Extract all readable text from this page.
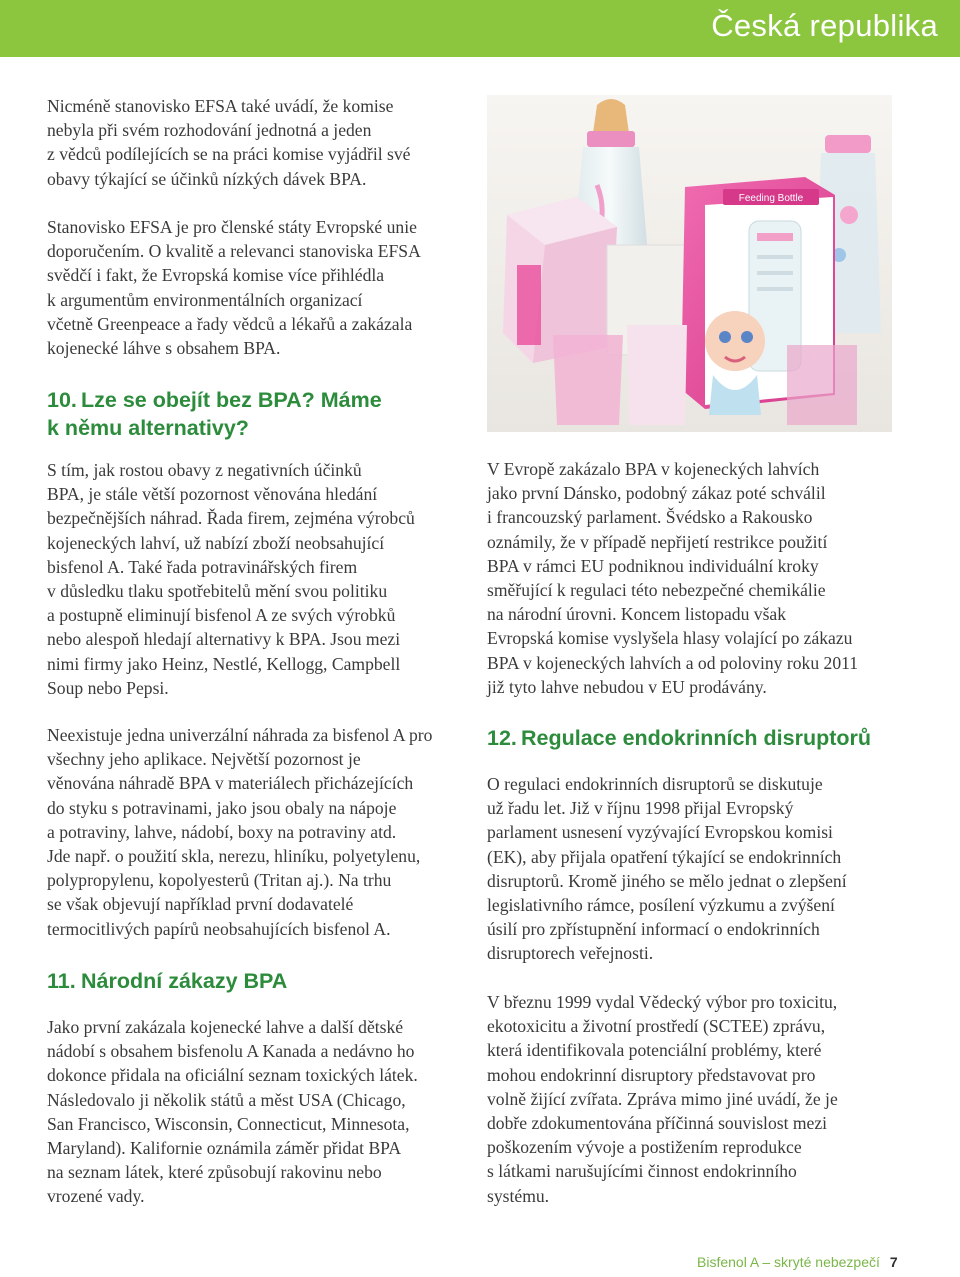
Česká republika

Nicméně stanovisko EFSA také uvádí, že komise
nebyla při svém rozhodování jednotná a jeden
z vědců podílejících se na práci komise vyjádřil své
obavy týkající se účinků nízkých dávek BPA.

Stanovisko EFSA je pro členské státy Evropské unie
doporučením. O kvalitě a relevanci stanoviska EFSA
svědčí i fakt, že Evropská komise více přihlédla
k argumentům environmentálních organizací
včetně Greenpeace a řady vědců a lékařů a zakázala
kojenecké láhve s obsahem BPA.

10. Lze se obejít bez BPA? Máme
k němu alternativy?

S tím, jak rostou obavy z negativních účinků
BPA, je stále větší pozornost věnována hledání
bezpečnějších náhrad. Řada firem, zejména výrobců
kojeneckých lahví, už nabízí zboží neobsahující
bisfenol A. Také řada potravinářských firem
v důsledku tlaku spotřebitelů mění svou politiku
a postupně eliminují bisfenol A ze svých výrobků
nebo alespoň hledají alternativy k BPA. Jsou mezi
nimi firmy jako Heinz, Nestlé, Kellogg, Campbell
Soup nebo Pepsi.

Neexistuje jedna univerzální náhrada za bisfenol A pro
všechny jeho aplikace. Největší pozornost je
věnována náhradě BPA v materiálech přicházejících
do styku s potravinami, jako jsou obaly na nápoje
a potraviny, lahve, nádobí, boxy na potraviny atd.
Jde např. o použití skla, nerezu, hliníku, polyetylenu,
polypropylenu, kopolyesterů (Tritan aj.). Na trhu
se však objevují například první dodavatelé
termocitlivých papírů neobsahujících bisfenol A.

11. Národní zákazy BPA

Jako první zakázala kojenecké lahve a další dětské
nádobí s obsahem bisfenolu A Kanada a nedávno ho
dokonce přidala na oficiální seznam toxických látek.
Následovalo ji několik států a měst USA (Chicago,
San Francisco, Wisconsin, Connecticut, Minnesota,
Maryland). Kalifornie oznámila záměr přidat BPA
na seznam látek, které způsobují rakovinu nebo
vrozené vady.

Feeding Bottle

V Evropě zakázalo BPA v kojeneckých lahvích
jako první Dánsko, podobný zákaz poté schválil
i francouzský parlament. Švédsko a Rakousko
oznámily, že v případě nepřijetí restrikce použití
BPA v rámci EU podniknou individuální kroky
směřující k regulaci této nebezpečné chemikálie
na národní úrovni. Koncem listopadu však
Evropská komise vyslyšela hlasy volající po zákazu
BPA v kojeneckých lahvích a od poloviny roku 2011
již tyto lahve nebudou v EU prodávány.

12. Regulace endokrinních disruptorů

O regulaci endokrinních disruptorů se diskutuje
už řadu let. Již v říjnu 1998 přijal Evropský
parlament usnesení vyzývající Evropskou komisi
(EK), aby přijala opatření týkající se endokrinních
disruptorů. Kromě jiného se mělo jednat o zlepšení
legislativního rámce, posílení výzkumu a zvýšení
úsilí pro zpřístupnění informací o endokrinních
disruptorech veřejnosti.

V březnu 1999 vydal Vědecký výbor pro toxicitu,
ekotoxicitu a životní prostředí (SCTEE) zprávu,
která identifikovala potenciální problémy, které
mohou endokrinní disruptory představovat pro
volně žijící zvířata. Zpráva mimo jiné uvádí, že je
dobře zdokumentována příčinná souvislost mezi
poškozením vývoje a postižením reprodukce
s látkami narušujícími činnost endokrinního
systému.

Bisfenol A – skryté nebezpečí 7
